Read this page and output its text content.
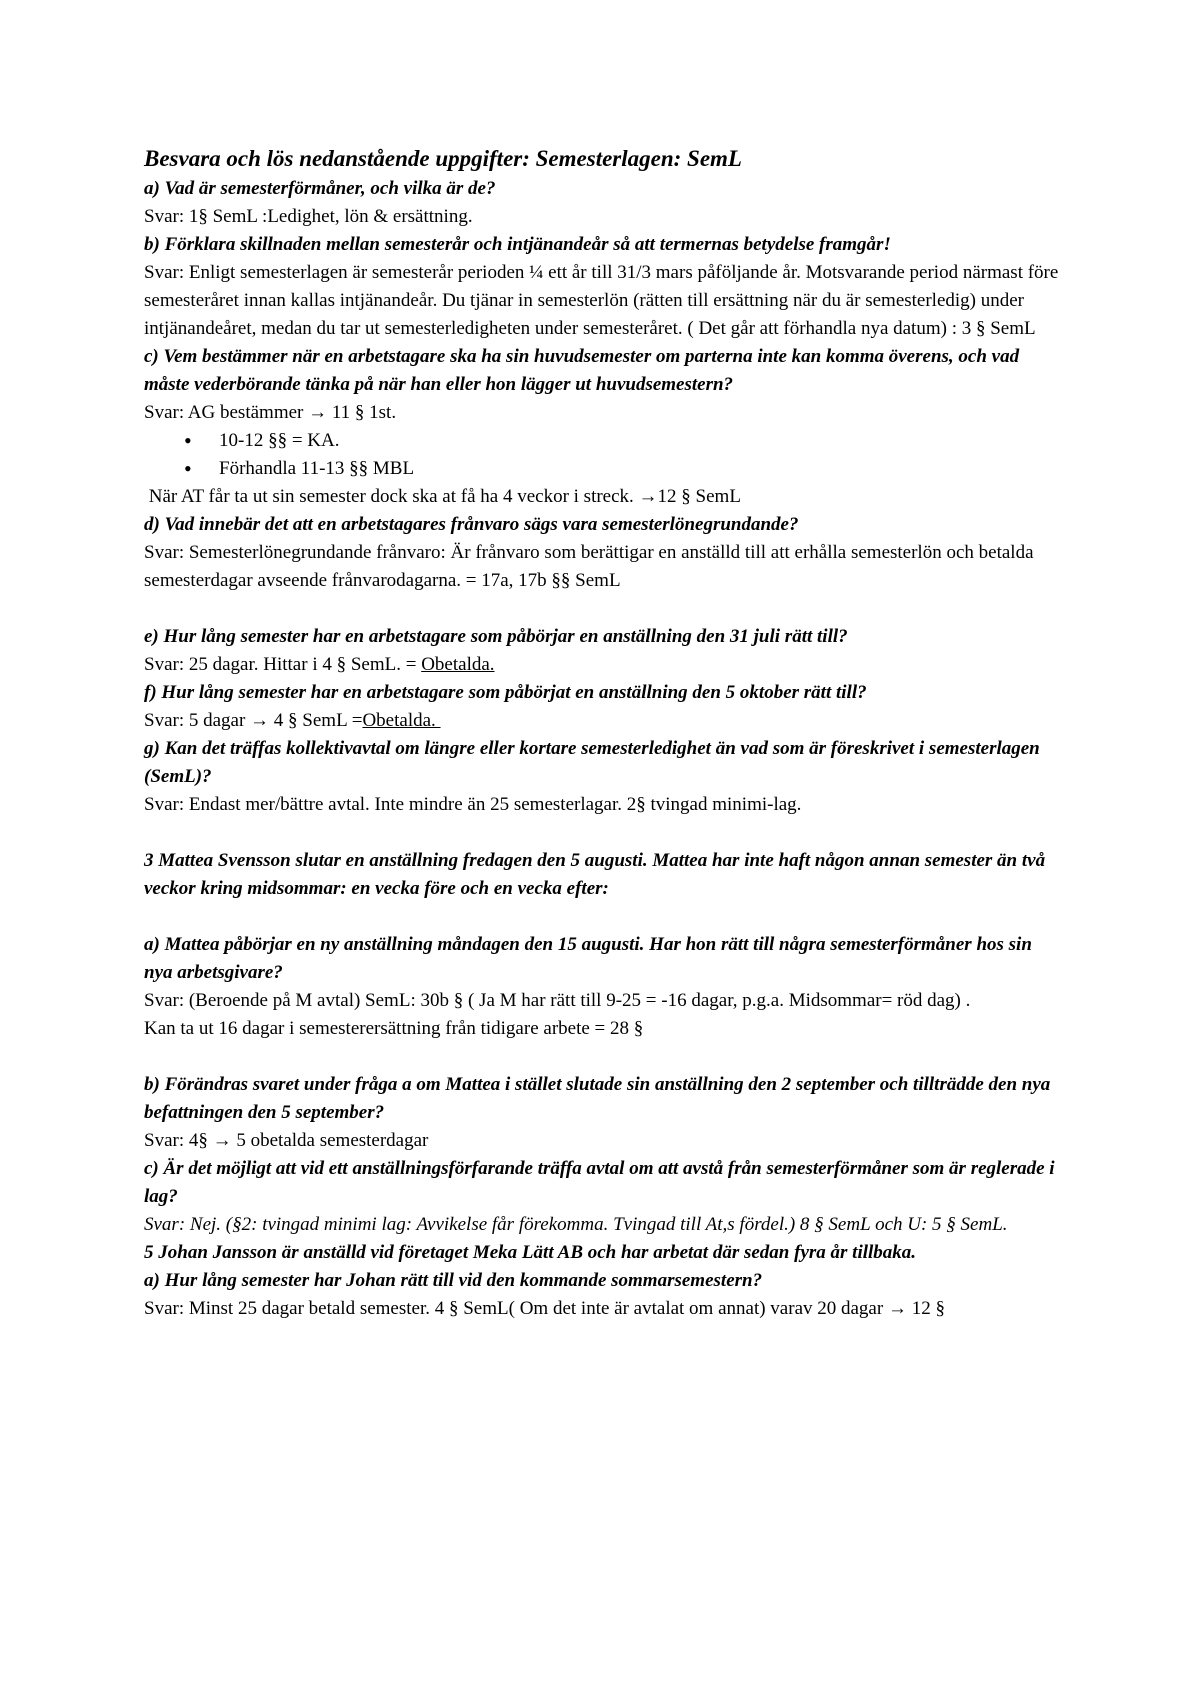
Besvara och lös nedanstående uppgifter: Semesterlagen: SemL

a) Vad är semesterförmåner, och vilka är de?

Svar: 1§ SemL :Ledighet, lön & ersättning.

b) Förklara skillnaden mellan semesterår och intjänandeår så att termernas betydelse framgår!

Svar: Enligt semesterlagen är semesterår perioden ¼ ett år till 31/3 mars påföljande år. Motsvarande period närmast före semesteråret innan kallas intjänandeår. Du tjänar in semesterlön (rätten till ersättning när du är semesterledig) under intjänandeåret, medan du tar ut semesterledigheten under semesteråret. ( Det går att förhandla nya datum) : 3 § SemL

c) Vem bestämmer när en arbetstagare ska ha sin huvudsemester om parterna inte kan komma överens, och vad måste vederbörande tänka på när han eller hon lägger ut huvudsemestern?

Svar: AG bestämmer → 11 § 1st.

• 10-12 §§ = KA.
• Förhandla 11-13 §§ MBL

När AT får ta ut sin semester dock ska at få ha 4 veckor i streck. →12 § SemL

d) Vad innebär det att en arbetstagares frånvaro sägs vara semesterlönegrundande?

Svar: Semesterlönegrundande frånvaro: Är frånvaro som berättigar en anställd till att erhålla semesterlön och betalda semesterdagar avseende frånvarodagarna. = 17a, 17b §§ SemL

e) Hur lång semester har en arbetstagare som påbörjar en anställning den 31 juli rätt till?

Svar: 25 dagar. Hittar i 4 § SemL. = Obetalda.

f) Hur lång semester har en arbetstagare som påbörjat en anställning den 5 oktober rätt till?

Svar: 5 dagar → 4 § SemL =Obetalda.

g) Kan det träffas kollektivavtal om längre eller kortare semesterledighet än vad som är föreskrivet i semesterlagen (SemL)?

Svar: Endast mer/bättre avtal. Inte mindre än 25 semesterlagar. 2§ tvingad minimi-lag.

3 Mattea Svensson slutar en anställning fredagen den 5 augusti. Mattea har inte haft någon annan semester än två veckor kring midsommar: en vecka före och en vecka efter:

a) Mattea påbörjar en ny anställning måndagen den 15 augusti. Har hon rätt till några semesterförmåner hos sin nya arbetsgivare?

Svar: (Beroende på M avtal) SemL: 30b § ( Ja M har rätt till 9-25 = -16 dagar, p.g.a. Midsommar= röd dag) .

Kan ta ut 16 dagar i semesterersättning från tidigare arbete = 28 §

b) Förändras svaret under fråga a om Mattea i stället slutade sin anställning den 2 september och tillträdde den nya befattningen den 5 september?

Svar: 4§ → 5 obetalda semesterdagar

c) Är det möjligt att vid ett anställningsförfarande träffa avtal om att avstå från semesterförmåner som är reglerade i lag?

Svar: Nej. (§2: tvingad minimi lag: Avvikelse får förekomma. Tvingad till At,s fördel.) 8 § SemL och U: 5 § SemL.

5 Johan Jansson är anställd vid företaget Meka Lätt AB och har arbetat där sedan fyra år tillbaka.

a) Hur lång semester har Johan rätt till vid den kommande sommarsemestern?

Svar: Minst 25 dagar betald semester. 4 § SemL( Om det inte är avtalat om annat) varav 20 dagar → 12 §
